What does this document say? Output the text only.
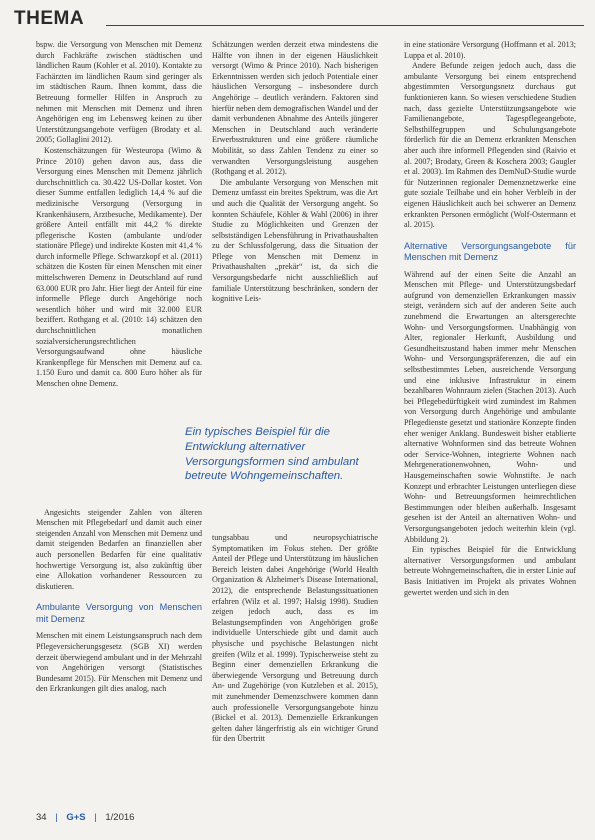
THEMA

bspw. die Versorgung von Menschen mit Demenz durch Fachkräfte zwischen städtischen und ländlichen Raum (Kohler et al. 2010). Kontakte zu Fachärzten im ländlichen Raum sind geringer als im städtischen Raum. Ihnen kommt, dass die Betreuung formeller Hilfen in Anspruch zu nehmen mit Menschen mit Demenz und ihren Angehörigen eng im Lebensweg keinen zu über Unterstützungsangebote verfügen (Brodaty et al. 2005; Gollaglini 2012).

Kostenschätzungen für Westeuropa (Wimo & Prince 2010) gehen davon aus, dass die Versorgung eines Menschen mit Demenz jährlich durchschnittlich ca. 30.422 US-Dollar kostet. Von dieser Summe entfallen lediglich 14,4 % auf die medizinische Versorgung (Versorgung in Krankenhäusern, Arztbesuche, Medikamente). Der größere Anteil entfällt mit 44,2 % direkte pflegerische Kosten (ambulante und/oder stationäre Pflege) und indirekte Kosten mit 41,4 % durch informelle Pflege. Schwarzkopf et al. (2011) schätzen die Kosten für einen Menschen mit einer mittelschweren Demenz in Deutschland auf rund 63.000 EUR pro Jahr. Hier liegt der Anteil für eine informelle Pflege durch Angehörige noch wesentlich höher und wird mit 32.000 EUR beziffert. Rothgang et al. (2010: 14) schätzen den durchschnittlichen monatlichen sozialversicherungsrechtlichen Versorgungsaufwand ohne häusliche Krankenpflege für Menschen mit Demenz auf ca. 1.150 Euro und damit ca. 800 Euro höher als für Menschen ohne Demenz.

Angesichts steigender Zahlen von älteren Menschen mit Pflegebedarf und damit auch einer steigenden Anzahl von Menschen mit Demenz und damit steigenden Bedarfen an finanziellen aber auch personellen Bedarfen für eine qualitativ hochwertige Versorgung ist, also zukünftig über eine Allokation vorhandener Ressourcen zu diskutieren.

Ambulante Versorgung von Menschen mit Demenz

Menschen mit einem Leistungsanspruch nach dem Pflegeversicherungsgesetz (SGB XI) werden derzeit überwiegend ambulant und in der Mehrzahl von Angehörigen versorgt (Statistisches Bundesamt 2015). Für Menschen mit Demenz und den Erkrankungen gilt dies analog, nach

Schätzungen werden derzeit etwa mindestens die Hälfte von ihnen in der eigenen Häuslichkeit versorgt (Wimo & Prince 2010). Nach bisherigen Erkenntnissen werden sich jedoch Potentiale einer häuslichen Versorgung – insbesondere durch Angehörige – deutlich verändern. Faktoren sind hierfür neben dem demografischen Wandel und der damit verbundenen Abnahme des Anteils jüngerer Menschen in Deutschland auch veränderte Erwerbsstrukturen und eine größere räumliche Mobilität, so dass Zahlen Tendenz zu einer so verwandten Versorgungsleistung ausgehen (Rothgang et al. 2012).

Die ambulante Versorgung von Menschen mit Demenz umfasst ein breites Spektrum, was die Art und auch die Qualität der Versorgung angeht. So konnten Schäufele, Köhler & Wahl (2006) in ihrer Studie zu Möglichkeiten und Grenzen der selbstständigen Lebensführung in Privathaushalten zu der Schlussfolgerung, dass die Situation der Pflege von Menschen mit Demenz in Privathaushalten „prekär“ ist, da sich die Versorgungsbedarfe nicht ausschließlich auf familiale Unterstützung beschränken, sondern der kognitive Leis-

Ein typisches Beispiel für die Entwicklung alternativer Versorgungsformen sind ambulant betreute Wohngemeinschaften.

tungsabbau und neuropsychiatrische Symptomatiken im Fokus stehen. Der größte Anteil der Pflege und Unterstützung im häuslichen Bereich leisten dabei Angehörige (World Health Organization & Alzheimer's Disease International, 2012), die entsprechende Belastungssituationen erfahren (Wilz et al. 1997; Halsig 1998). Studien zeigen jedoch auch, dass es im Belastungsempfinden von Angehörigen große individuelle Unterschiede gibt und damit auch physische und psychische Belastungen nicht greifen (Wilz et al. 1999). Typischerweise steht zu Beginn einer demenziellen Erkrankung die überwiegende Versorgung und Betreuung durch An- und Zugehörige (von Kutzleben et al. 2015), mit zunehmender Demenzschwere kommen dann auch professionelle Versorgungsangebote hinzu (Bickel et al. 2013). Demenzielle Erkrankungen gelten daher längerfristig als ein wichtiger Grund für den Übertritt

in eine stationäre Versorgung (Hoffmann et al. 2013; Luppa et al. 2010).

Andere Befunde zeigen jedoch auch, dass die ambulante Versorgung bei einem entsprechend abgestimmten Versorgungsnetz durchaus gut funktionieren kann. So wiesen verschiedene Studien nach, dass gezielte Unterstützungsangebote wie Familienangebote, Tagespflegeangebote, Selbsthilfegruppen und Schulungsangebote förderlich für die an Demenz erkrankten Menschen aber auch ihre informell Pflegenden sind (Raivio et al. 2007; Brodaty, Green & Koschera 2003; Gaugler et al. 2003). Im Rahmen des DemNuD-Studie wurde für Nutzerinnen regionaler Demenznetzwerke eine gute soziale Teilhabe und ein hoher Verbleib in der eigenen Häuslichkeit auch bei schwerer an Demenz erkrankten Personen ermöglicht (Wolf-Ostermann et al. 2015).

Alternative Versorgungsangebote für Menschen mit Demenz

Während auf der einen Seite die Anzahl an Menschen mit Pflege- und Unterstützungsbedarf aufgrund von demenziellen Erkrankungen massiv steigt, verändern sich auf der anderen Seite auch zunehmend die Erwartungen an altersgerechte Wohn- und Versorgungsformen. Unabhängig von Alter, regionaler Herkunft, Ausbildung und Gesundheitszustand haben immer mehr Menschen Wohn- und Versorgungspräferenzen, die auf ein selbstbestimmtes Leben, ausreichende Versorgung und eine inklusive Infrastruktur in einem bezahlbaren Wohnraum zielen (Stachen 2013). Auch bei Pflegebedürftigkeit wird zumindest im Rahmen von Versorgung durch Angehörige und ambulante Pflegedienste gesetzt und stationäre Konzepte finden eher weniger Anklang. Bundesweit bisher etablierte alternative Wohnformen sind das betreute Wohnen oder Service-Wohnen, integrierte Wohnen nach Mehrgenerationenwohnen, Wohn- und Hausgemeinschaften sowie Wohnstifte. Je nach Konzept und erbrachter Leistungen unterliegen diese Wohn- und Betreuungsformen heimrechtlichen Bestimmungen oder bleiben außerhalb. Insgesamt gesehen ist der Anteil an alternativen Wohn- und Versorgungsangeboten jedoch weiterhin klein (vgl. Abbildung 2).

Ein typisches Beispiel für die Entwicklung alternativer Versorgungsformen und ambulant betreute Wohngemeinschaften, die in erster Linie auf Basis Initiativen im Projekt als privates Wohnen gewertet werden und sich in den

34 | G+S | 1/2016
